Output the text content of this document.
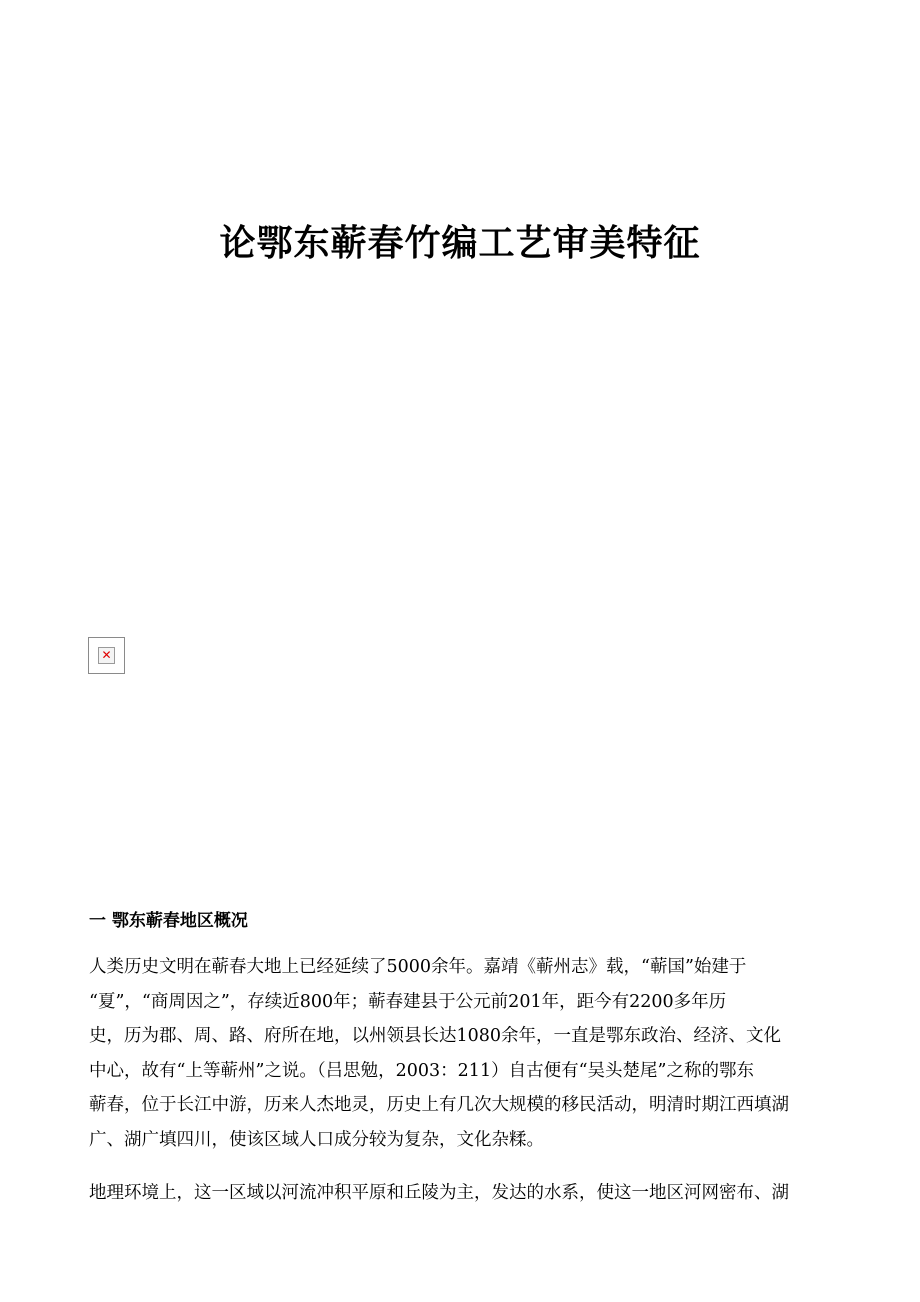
论鄂东蕲春竹编工艺审美特征
✕
一 鄂东蕲春地区概况

人类历史文明在蕲春大地上已经延续了5000余年。嘉靖《蕲州志》载，“蕲国”始建于
“夏”，“商周因之”，存续近800年；蕲春建县于公元前201年，距今有2200多年历
史，历为郡、周、路、府所在地，以州领县长达1080余年，一直是鄂东政治、经济、文化
中心，故有“上等蕲州”之说。（吕思勉，2003：211）自古便有“吴头楚尾”之称的鄂东
蕲春，位于长江中游，历来人杰地灵，历史上有几次大规模的移民活动，明清时期江西填湖
广、湖广填四川，使该区域人口成分较为复杂，文化杂糅。

地理环境上，这一区域以河流冲积平原和丘陵为主，发达的水系，使这一地区河网密布、湖
